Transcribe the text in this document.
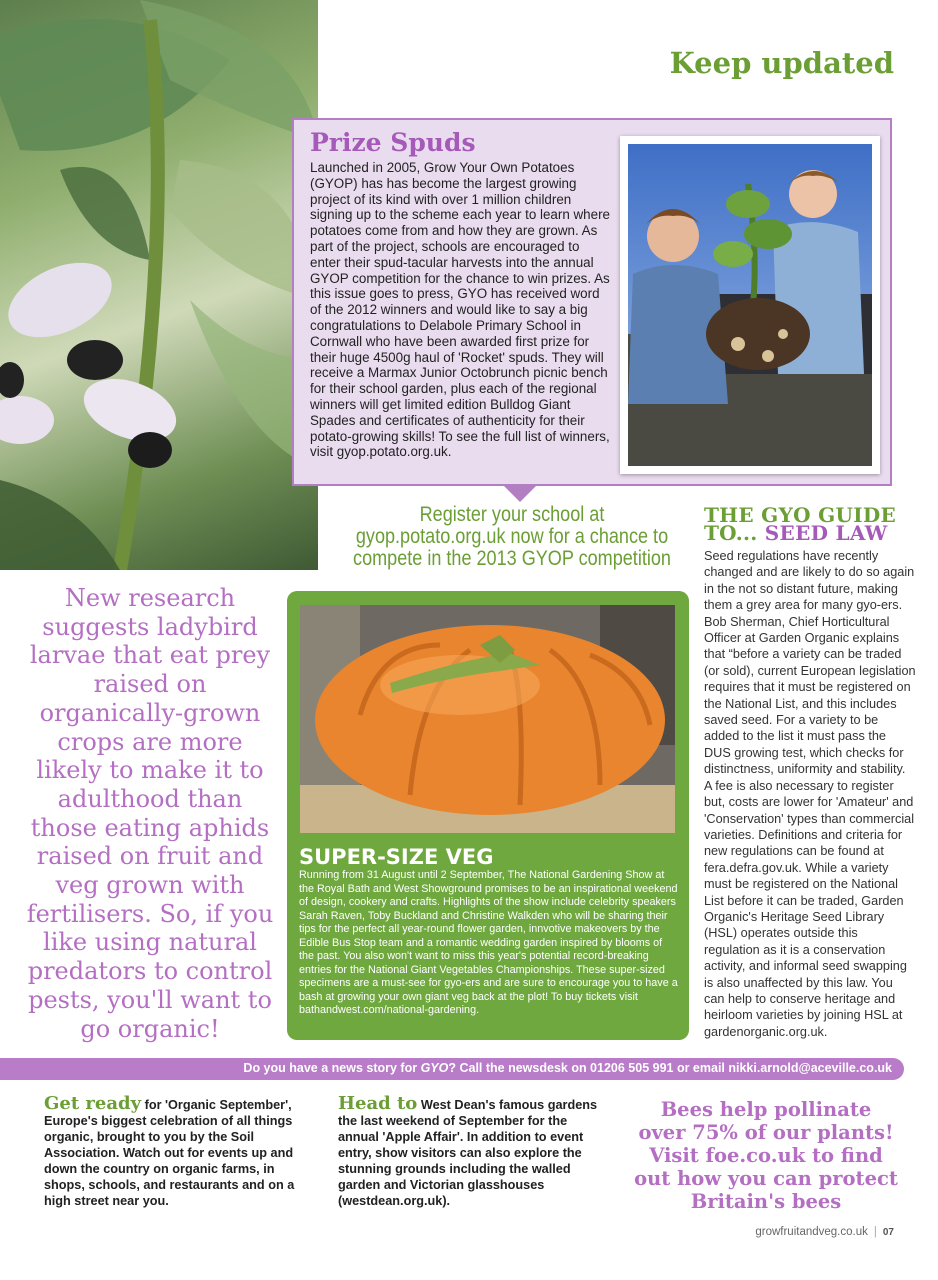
Keep updated
Prize Spuds
Launched in 2005, Grow Your Own Potatoes (GYOP) has has become the largest growing project of its kind with over 1 million children signing up to the scheme each year to learn where potatoes come from and how they are grown. As part of the project, schools are encouraged to enter their spud-tacular harvests into the annual GYOP competition for the chance to win prizes. As this issue goes to press, GYO has received word of the 2012 winners and would like to say a big congratulations to Delabole Primary School in Cornwall who have been awarded first prize for their huge 4500g haul of 'Rocket' spuds. They will receive a Marmax Junior Octobrunch picnic bench for their school garden, plus each of the regional winners will get limited edition Bulldog Giant Spades and certificates of authenticity for their potato-growing skills! To see the full list of winners, visit gyop.potato.org.uk.
Register your school at gyop.potato.org.uk now for a chance to compete in the 2013 GYOP competition
THE GYO GUIDE
TO... SEED LAW
Seed regulations have recently changed and are likely to do so again in the not so distant future, making them a grey area for many gyo-ers. Bob Sherman, Chief Horticultural Officer at Garden Organic explains that “before a variety can be traded (or sold), current European legislation requires that it must be registered on the National List, and this includes saved seed. For a variety to be added to the list it must pass the DUS growing test, which checks for distinctness, uniformity and stability. A fee is also necessary to register but, costs are lower for 'Amateur' and 'Conservation' types than commercial varieties. Definitions and criteria for new regulations can be found at fera.defra.gov.uk. While a variety must be registered on the National List before it can be traded, Garden Organic's Heritage Seed Library (HSL) operates outside this regulation as it is a conservation activity, and informal seed swapping is also unaffected by this law. You can help to conserve heritage and heirloom varieties by joining HSL at gardenorganic.org.uk.
New research suggests ladybird larvae that eat prey raised on organically-grown crops are more likely to make it to adulthood than those eating aphids raised on fruit and veg grown with fertilisers. So, if you like using natural predators to control pests, you'll want to go organic!
SUPER-SIZE VEG
Running from 31 August until 2 September, The National Gardening Show at the Royal Bath and West Showground promises to be an inspirational weekend of design, cookery and crafts. Highlights of the show include celebrity speakers Sarah Raven, Toby Buckland and Christine Walkden who will be sharing their tips for the perfect all year-round flower garden, innvotive makeovers by the Edible Bus Stop team and a romantic wedding garden inspired by blooms of the past. You also won't want to miss this year's potential record-breaking entries for the National Giant Vegetables Championships. These super-sized specimens are a must-see for gyo-ers and are sure to encourage you to have a bash at growing your own giant veg back at the plot! To buy tickets visit bathandwest.com/national-gardening.
Do you have a news story for GYO? Call the newsdesk on 01206 505 991 or email nikki.arnold@aceville.co.uk
Get ready for 'Organic September', Europe's biggest celebration of all things organic, brought to you by the Soil Association. Watch out for events up and down the country on organic farms, in shops, schools, and restaurants and on a high street near you.
Head to West Dean's famous gardens the last weekend of September for the annual 'Apple Affair'. In addition to event entry, show visitors can also explore the stunning grounds including the walled garden and Victorian glasshouses (westdean.org.uk).
Bees help pollinate over 75% of our plants! Visit foe.co.uk to find out how you can protect Britain's bees
growfruitandveg.co.uk | 07
